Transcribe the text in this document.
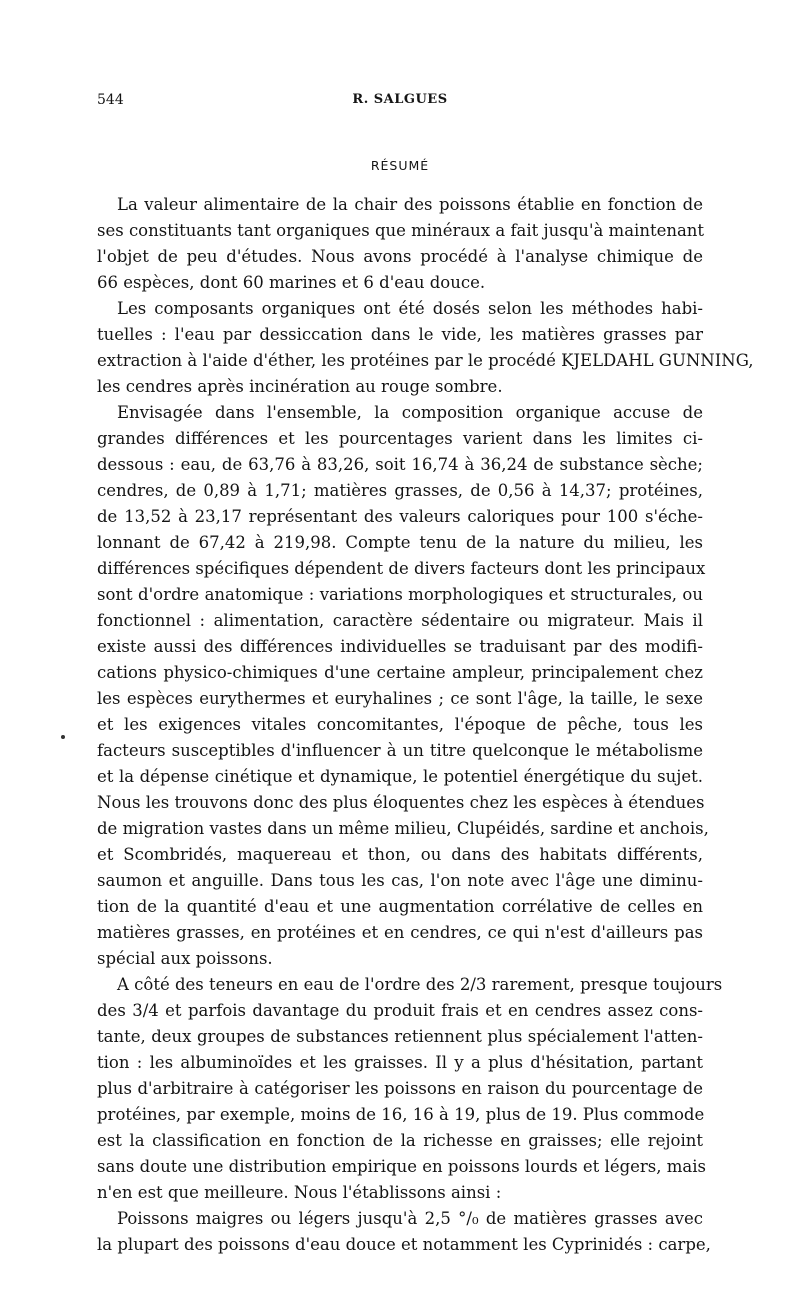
544	R. SALGUES
RÉSUMÉ
La valeur alimentaire de la chair des poissons établie en fonction de
ses constituants tant organiques que minéraux a fait jusqu'à maintenant
l'objet de peu d'études. Nous avons procédé à l'analyse chimique de
66 espèces, dont 60 marines et 6 d'eau douce.
Les composants organiques ont été dosés selon les méthodes habi-
tuelles : l'eau par dessiccation dans le vide, les matières grasses par
extraction à l'aide d'éther, les protéines par le procédé KJELDAHL GUNNING,
les cendres après incinération au rouge sombre.
Envisagée dans l'ensemble, la composition organique accuse de
grandes différences et les pourcentages varient dans les limites ci-
dessous : eau, de 63,76 à 83,26, soit 16,74 à 36,24 de substance sèche;
cendres, de 0,89 à 1,71; matières grasses, de 0,56 à 14,37; protéines,
de 13,52 à 23,17 représentant des valeurs caloriques pour 100 s'éche-
lonnant de 67,42 à 219,98. Compte tenu de la nature du milieu, les
différences spécifiques dépendent de divers facteurs dont les principaux
sont d'ordre anatomique : variations morphologiques et structurales, ou
fonctionnel : alimentation, caractère sédentaire ou migrateur. Mais il
existe aussi des différences individuelles se traduisant par des modifi-
cations physico-chimiques d'une certaine ampleur, principalement chez
les espèces eurythermes et euryhalines ; ce sont l'âge, la taille, le sexe
et les exigences vitales concomitantes, l'époque de pêche, tous les
facteurs susceptibles d'influencer à un titre quelconque le métabolisme
et la dépense cinétique et dynamique, le potentiel énergétique du sujet.
Nous les trouvons donc des plus éloquentes chez les espèces à étendues
de migration vastes dans un même milieu, Clupéidés, sardine et anchois,
et Scombridés, maquereau et thon, ou dans des habitats différents,
saumon et anguille. Dans tous les cas, l'on note avec l'âge une diminu-
tion de la quantité d'eau et une augmentation corrélative de celles en
matières grasses, en protéines et en cendres, ce qui n'est d'ailleurs pas
spécial aux poissons.
A côté des teneurs en eau de l'ordre des 2/3 rarement, presque toujours
des 3/4 et parfois davantage du produit frais et en cendres assez cons-
tante, deux groupes de substances retiennent plus spécialement l'atten-
tion : les albuminoïdes et les graisses. Il y a plus d'hésitation, partant
plus d'arbitraire à catégoriser les poissons en raison du pourcentage de
protéines, par exemple, moins de 16, 16 à 19, plus de 19. Plus commode
est la classification en fonction de la richesse en graisses; elle rejoint
sans doute une distribution empirique en poissons lourds et légers, mais
n'en est que meilleure. Nous l'établissons ainsi :
Poissons maigres ou légers jusqu'à 2,5 °/₀ de matières grasses avec
la plupart des poissons d'eau douce et notamment les Cyprinidés : carpe,
